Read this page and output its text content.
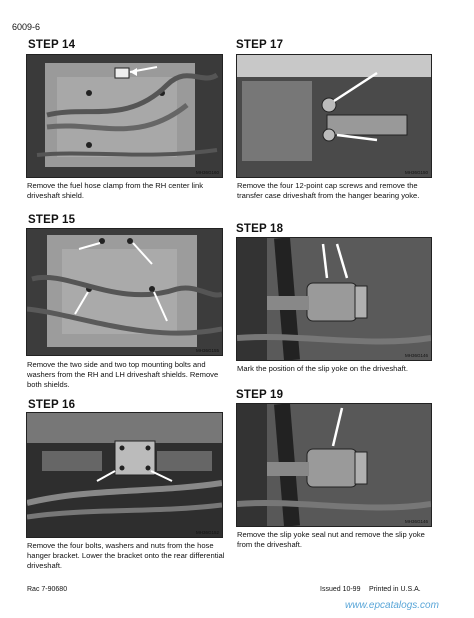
6009-6
STEP 14
MH36G160
Remove the fuel hose clamp from the RH center link driveshaft shield.
STEP 15
MH36G155
Remove the two side and two top mounting bolts and washers from the RH and LH driveshaft shields. Remove both shields.
STEP 16
MH36G152
Remove the four bolts, washers and nuts from the hose hanger bracket. Lower the bracket onto the rear differential driveshaft.
STEP 17
MH36G150
Remove the four 12-point cap screws and remove the transfer case driveshaft from the hanger bearing yoke.
STEP 18
MH36G146
Mark the position of the slip yoke on the driveshaft.
STEP 19
MH36G146
Remove the slip yoke seal nut and remove the slip yoke from the driveshaft.
Rac 7-90680	Issued 10-99 Printed in U.S.A.
www.epcatalogs.com
